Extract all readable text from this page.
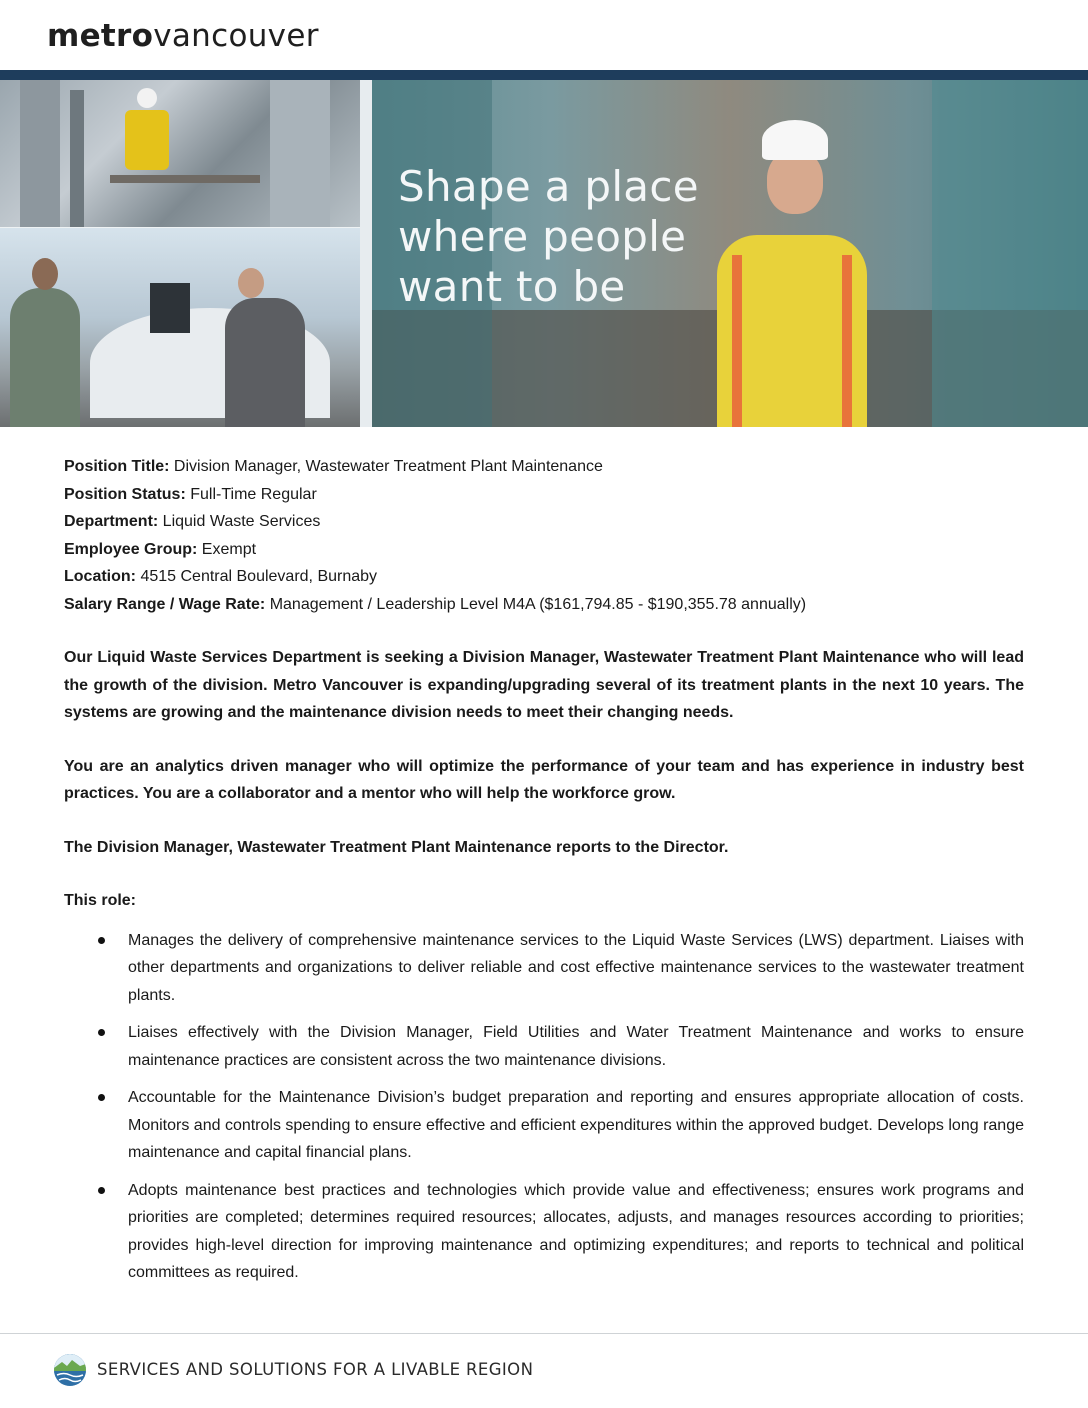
metrovancouver
Shape a place
where people
want to be
Position Title: Division Manager, Wastewater Treatment Plant Maintenance
Position Status: Full-Time Regular
Department: Liquid Waste Services
Employee Group: Exempt
Location: 4515 Central Boulevard, Burnaby
Salary Range / Wage Rate: Management / Leadership Level M4A ($161,794.85 - $190,355.78 annually)
Our Liquid Waste Services Department is seeking a Division Manager, Wastewater Treatment Plant Maintenance who will lead the growth of the division. Metro Vancouver is expanding/upgrading several of its treatment plants in the next 10 years. The systems are growing and the maintenance division needs to meet their changing needs.
You are an analytics driven manager who will optimize the performance of your team and has experience in industry best practices. You are a collaborator and a mentor who will help the workforce grow.
The Division Manager, Wastewater Treatment Plant Maintenance reports to the Director.
This role:
Manages the delivery of comprehensive maintenance services to the Liquid Waste Services (LWS) department. Liaises with other departments and organizations to deliver reliable and cost effective maintenance services to the wastewater treatment plants.
Liaises effectively with the Division Manager, Field Utilities and Water Treatment Maintenance and works to ensure maintenance practices are consistent across the two maintenance divisions.
Accountable for the Maintenance Division’s budget preparation and reporting and ensures appropriate allocation of costs. Monitors and controls spending to ensure effective and efficient expenditures within the approved budget. Develops long range maintenance and capital financial plans.
Adopts maintenance best practices and technologies which provide value and effectiveness; ensures work programs and priorities are completed; determines required resources; allocates, adjusts, and manages resources according to priorities; provides high-level direction for improving maintenance and optimizing expenditures; and reports to technical and political committees as required.
SERVICES AND SOLUTIONS FOR A LIVABLE REGION
